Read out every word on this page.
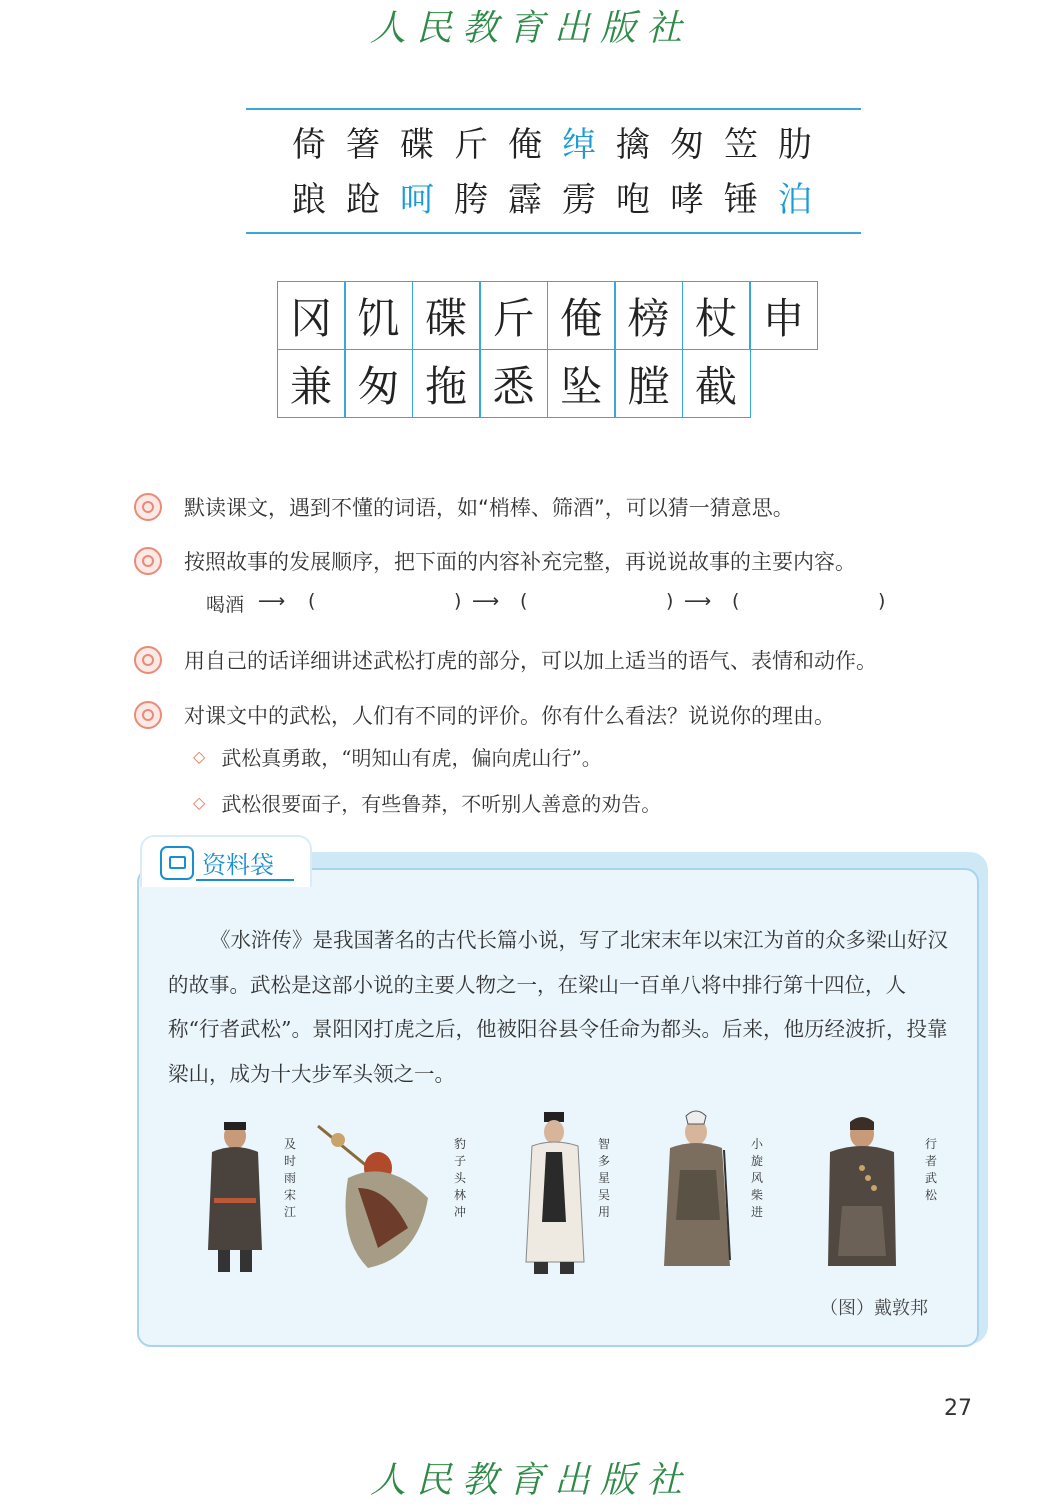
人民教育出版社
倚 箸 碟 斤 俺 绰 擒 匆 笠 肋
踉 跄 呵 胯 霹 雳 咆 哮 锤 泊
冈 饥 碟 斤 俺 榜 杖 申
兼 匆 拖 悉 坠 膛 截
默读课文，遇到不懂的词语，如“梢棒、筛酒”，可以猜一猜意思。
按照故事的发展顺序，把下面的内容补充完整，再说说故事的主要内容。
喝酒 ⟶ (	) ⟶ (	) ⟶ (	)
用自己的话详细讲述武松打虎的部分，可以加上适当的语气、表情和动作。
对课文中的武松，人们有不同的评价。你有什么看法？说说你的理由。
◇ 武松真勇敢，“明知山有虎，偏向虎山行”。
◇ 武松很要面子，有些鲁莽，不听别人善意的劝告。
资料袋
《水浒传》是我国著名的古代长篇小说，写了北宋末年以宋江为首的众多梁山好汉的故事。武松是这部小说的主要人物之一，在梁山一百单八将中排行第十四位，人称“行者武松”。景阳冈打虎之后，他被阳谷县令任命为都头。后来，他历经波折，投靠梁山，成为十大步军头领之一。
及
时
雨
宋
江
豹
子
头
林
冲
智
多
星
吴
用
小
旋
风
柴
进
行
者
武
松
（图）戴敦邦
27
人民教育出版社
